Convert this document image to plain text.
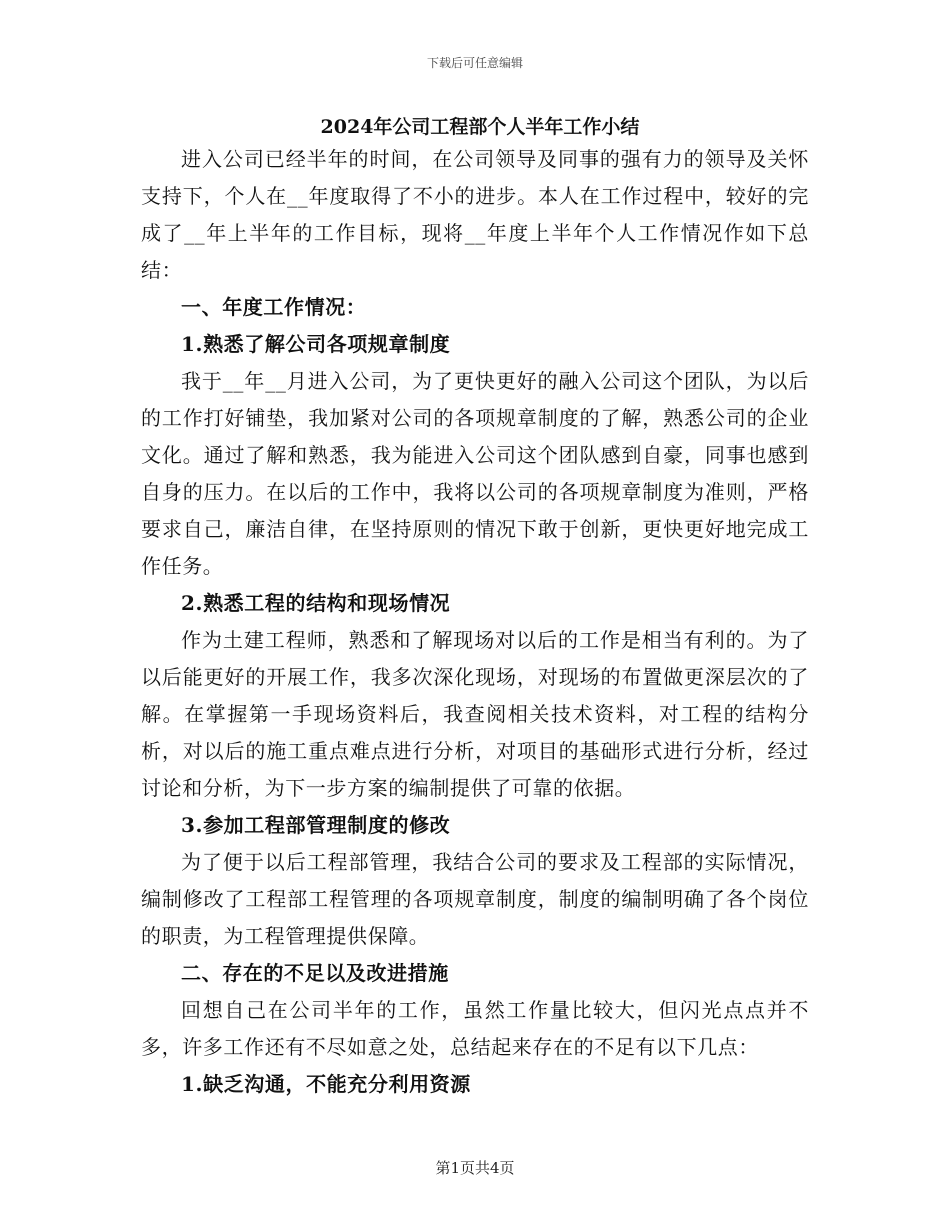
下载后可任意编辑
2024年公司工程部个人半年工作小结

进入公司已经半年的时间，在公司领导及同事的强有力的领导及关怀支持下，个人在__年度取得了不小的进步。本人在工作过程中，较好的完成了__年上半年的工作目标，现将__年度上半年个人工作情况作如下总结：

一、年度工作情况：

1.熟悉了解公司各项规章制度

我于__年__月进入公司，为了更快更好的融入公司这个团队，为以后的工作打好铺垫，我加紧对公司的各项规章制度的了解，熟悉公司的企业文化。通过了解和熟悉，我为能进入公司这个团队感到自豪，同事也感到自身的压力。在以后的工作中，我将以公司的各项规章制度为准则，严格要求自己，廉洁自律，在坚持原则的情况下敢于创新，更快更好地完成工作任务。

2.熟悉工程的结构和现场情况

作为土建工程师，熟悉和了解现场对以后的工作是相当有利的。为了以后能更好的开展工作，我多次深化现场，对现场的布置做更深层次的了解。在掌握第一手现场资料后，我查阅相关技术资料，对工程的结构分析，对以后的施工重点难点进行分析，对项目的基础形式进行分析，经过讨论和分析，为下一步方案的编制提供了可靠的依据。

3.参加工程部管理制度的修改

为了便于以后工程部管理，我结合公司的要求及工程部的实际情况，编制修改了工程部工程管理的各项规章制度，制度的编制明确了各个岗位的职责，为工程管理提供保障。

二、存在的不足以及改进措施

回想自己在公司半年的工作，虽然工作量比较大，但闪光点点并不多，许多工作还有不尽如意之处，总结起来存在的不足有以下几点：

1.缺乏沟通，不能充分利用资源

第1页共4页
